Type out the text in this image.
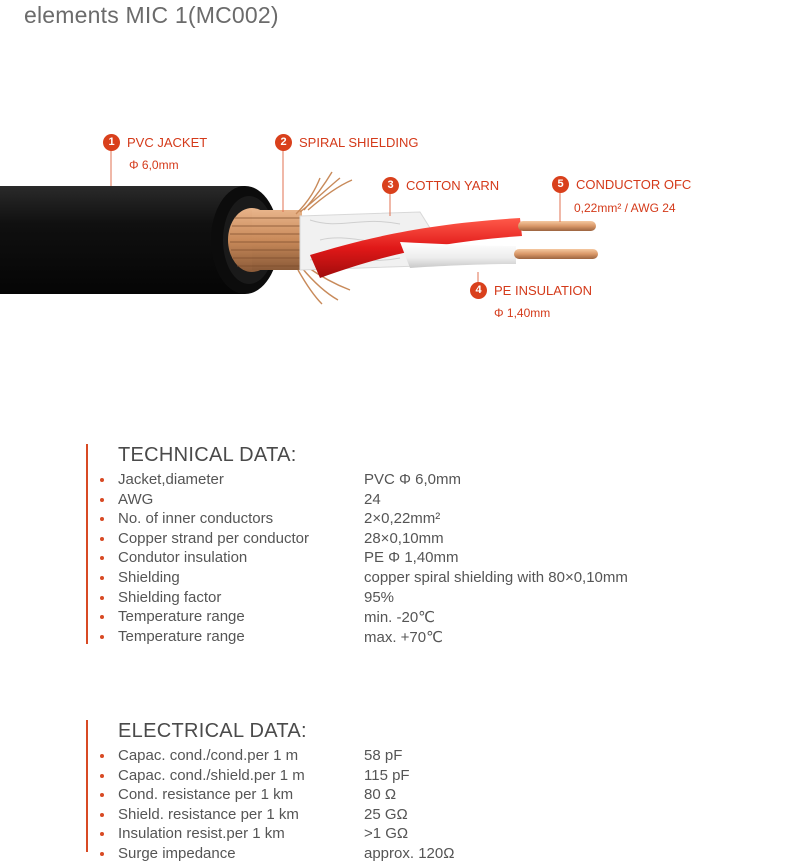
elements MIC 1(MC002)
1 PVC JACKET
Φ 6,0mm
2 SPIRAL SHIELDING
3 COTTON YARN
4 PE INSULATION
Φ 1,40mm
5 CONDUCTOR OFC
0,22mm² / AWG 24
TECHNICAL DATA:
Jacket,diameter	PVC Φ 6,0mm
AWG	24
No. of inner conductors	2×0,22mm²
Copper strand per conductor	28×0,10mm
Condutor insulation	PE Φ 1,40mm
Shielding	copper spiral shielding with 80×0,10mm
Shielding factor	95%
Temperature range	min. -20℃
Temperature range	max. +70℃
ELECTRICAL DATA:
Capac. cond./cond.per 1 m	58 pF
Capac. cond./shield.per 1 m	115 pF
Cond. resistance per 1 km	80 Ω
Shield. resistance per 1 km	25 GΩ
Insulation resist.per 1 km	>1 GΩ
Surge impedance	approx. 120Ω
